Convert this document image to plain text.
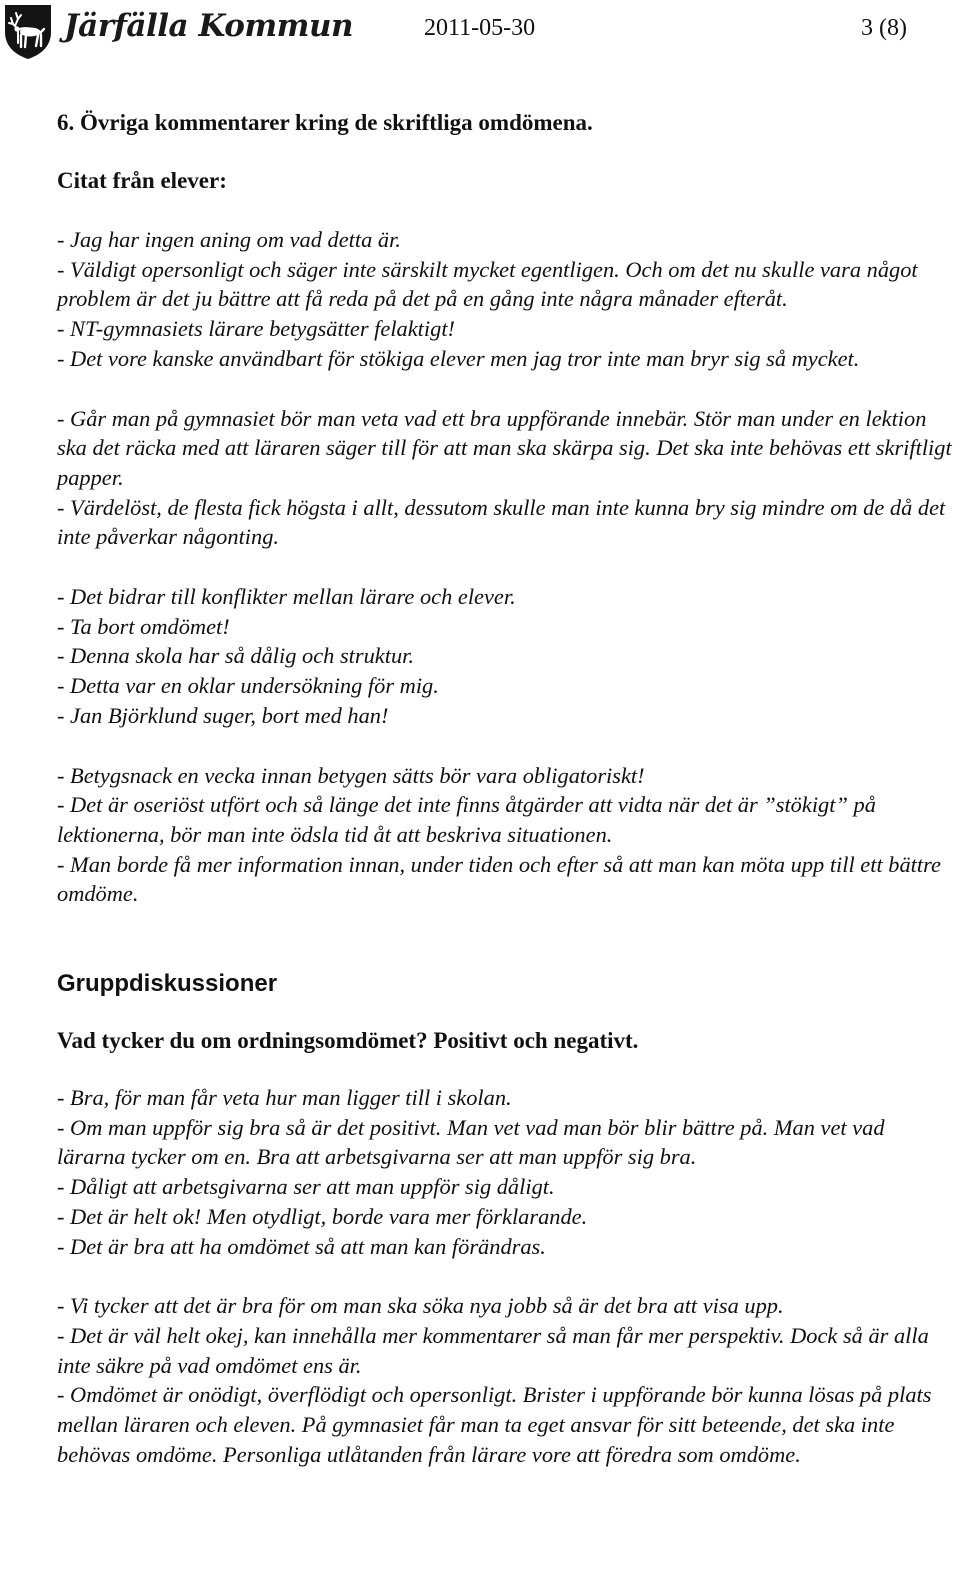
Järfälla Kommun	2011-05-30	3 (8)
6. Övriga kommentarer kring de skriftliga omdömena.
Citat från elever:

- Jag har ingen aning om vad detta är.
- Väldigt opersonligt och säger inte särskilt mycket egentligen. Och om det nu skulle vara något problem är det ju bättre att få reda på det på en gång inte några månader efteråt.
- NT-gymnasiets lärare betygsätter felaktigt!
- Det vore kanske användbart för stökiga elever men jag tror inte man bryr sig så mycket.

- Går man på gymnasiet bör man veta vad ett bra uppförande innebär. Stör man under en lektion ska det räcka med att läraren säger till för att man ska skärpa sig. Det ska inte behövas ett skriftligt papper.
- Värdelöst, de flesta fick högsta i allt, dessutom skulle man inte kunna bry sig mindre om de då det inte påverkar någonting.

- Det bidrar till konflikter mellan lärare och elever.
- Ta bort omdömet!
- Denna skola har så dålig och struktur.
- Detta var en oklar undersökning för mig.
- Jan Björklund suger, bort med han!

- Betygsnack en vecka innan betygen sätts bör vara obligatoriskt!
- Det är oseriöst utfört och så länge det inte finns åtgärder att vidta när det är ”stökigt” på lektionerna, bör man inte ödsla tid åt att beskriva situationen.
- Man borde få mer information innan, under tiden och efter så att man kan möta upp till ett bättre omdöme.

Gruppdiskussioner
Vad tycker du om ordningsomdömet? Positivt och negativt.

- Bra, för man får veta hur man ligger till i skolan.
- Om man uppför sig bra så är det positivt. Man vet vad man bör blir bättre på. Man vet vad lärarna tycker om en. Bra att arbetsgivarna ser att man uppför sig bra.
- Dåligt att arbetsgivarna ser att man uppför sig dåligt.
- Det är helt ok! Men otydligt, borde vara mer förklarande.
- Det är bra att ha omdömet så att man kan förändras.

- Vi tycker att det är bra för om man ska söka nya jobb så är det bra att visa upp.
- Det är väl helt okej, kan innehålla mer kommentarer så man får mer perspektiv. Dock så är alla inte säkre på vad omdömet ens är.
- Omdömet är onödigt, överflödigt och opersonligt. Brister i uppförande bör kunna lösas på plats mellan läraren och eleven. På gymnasiet får man ta eget ansvar för sitt beteende, det ska inte behövas omdöme. Personliga utlåtanden från lärare vore att föredra som omdöme.
